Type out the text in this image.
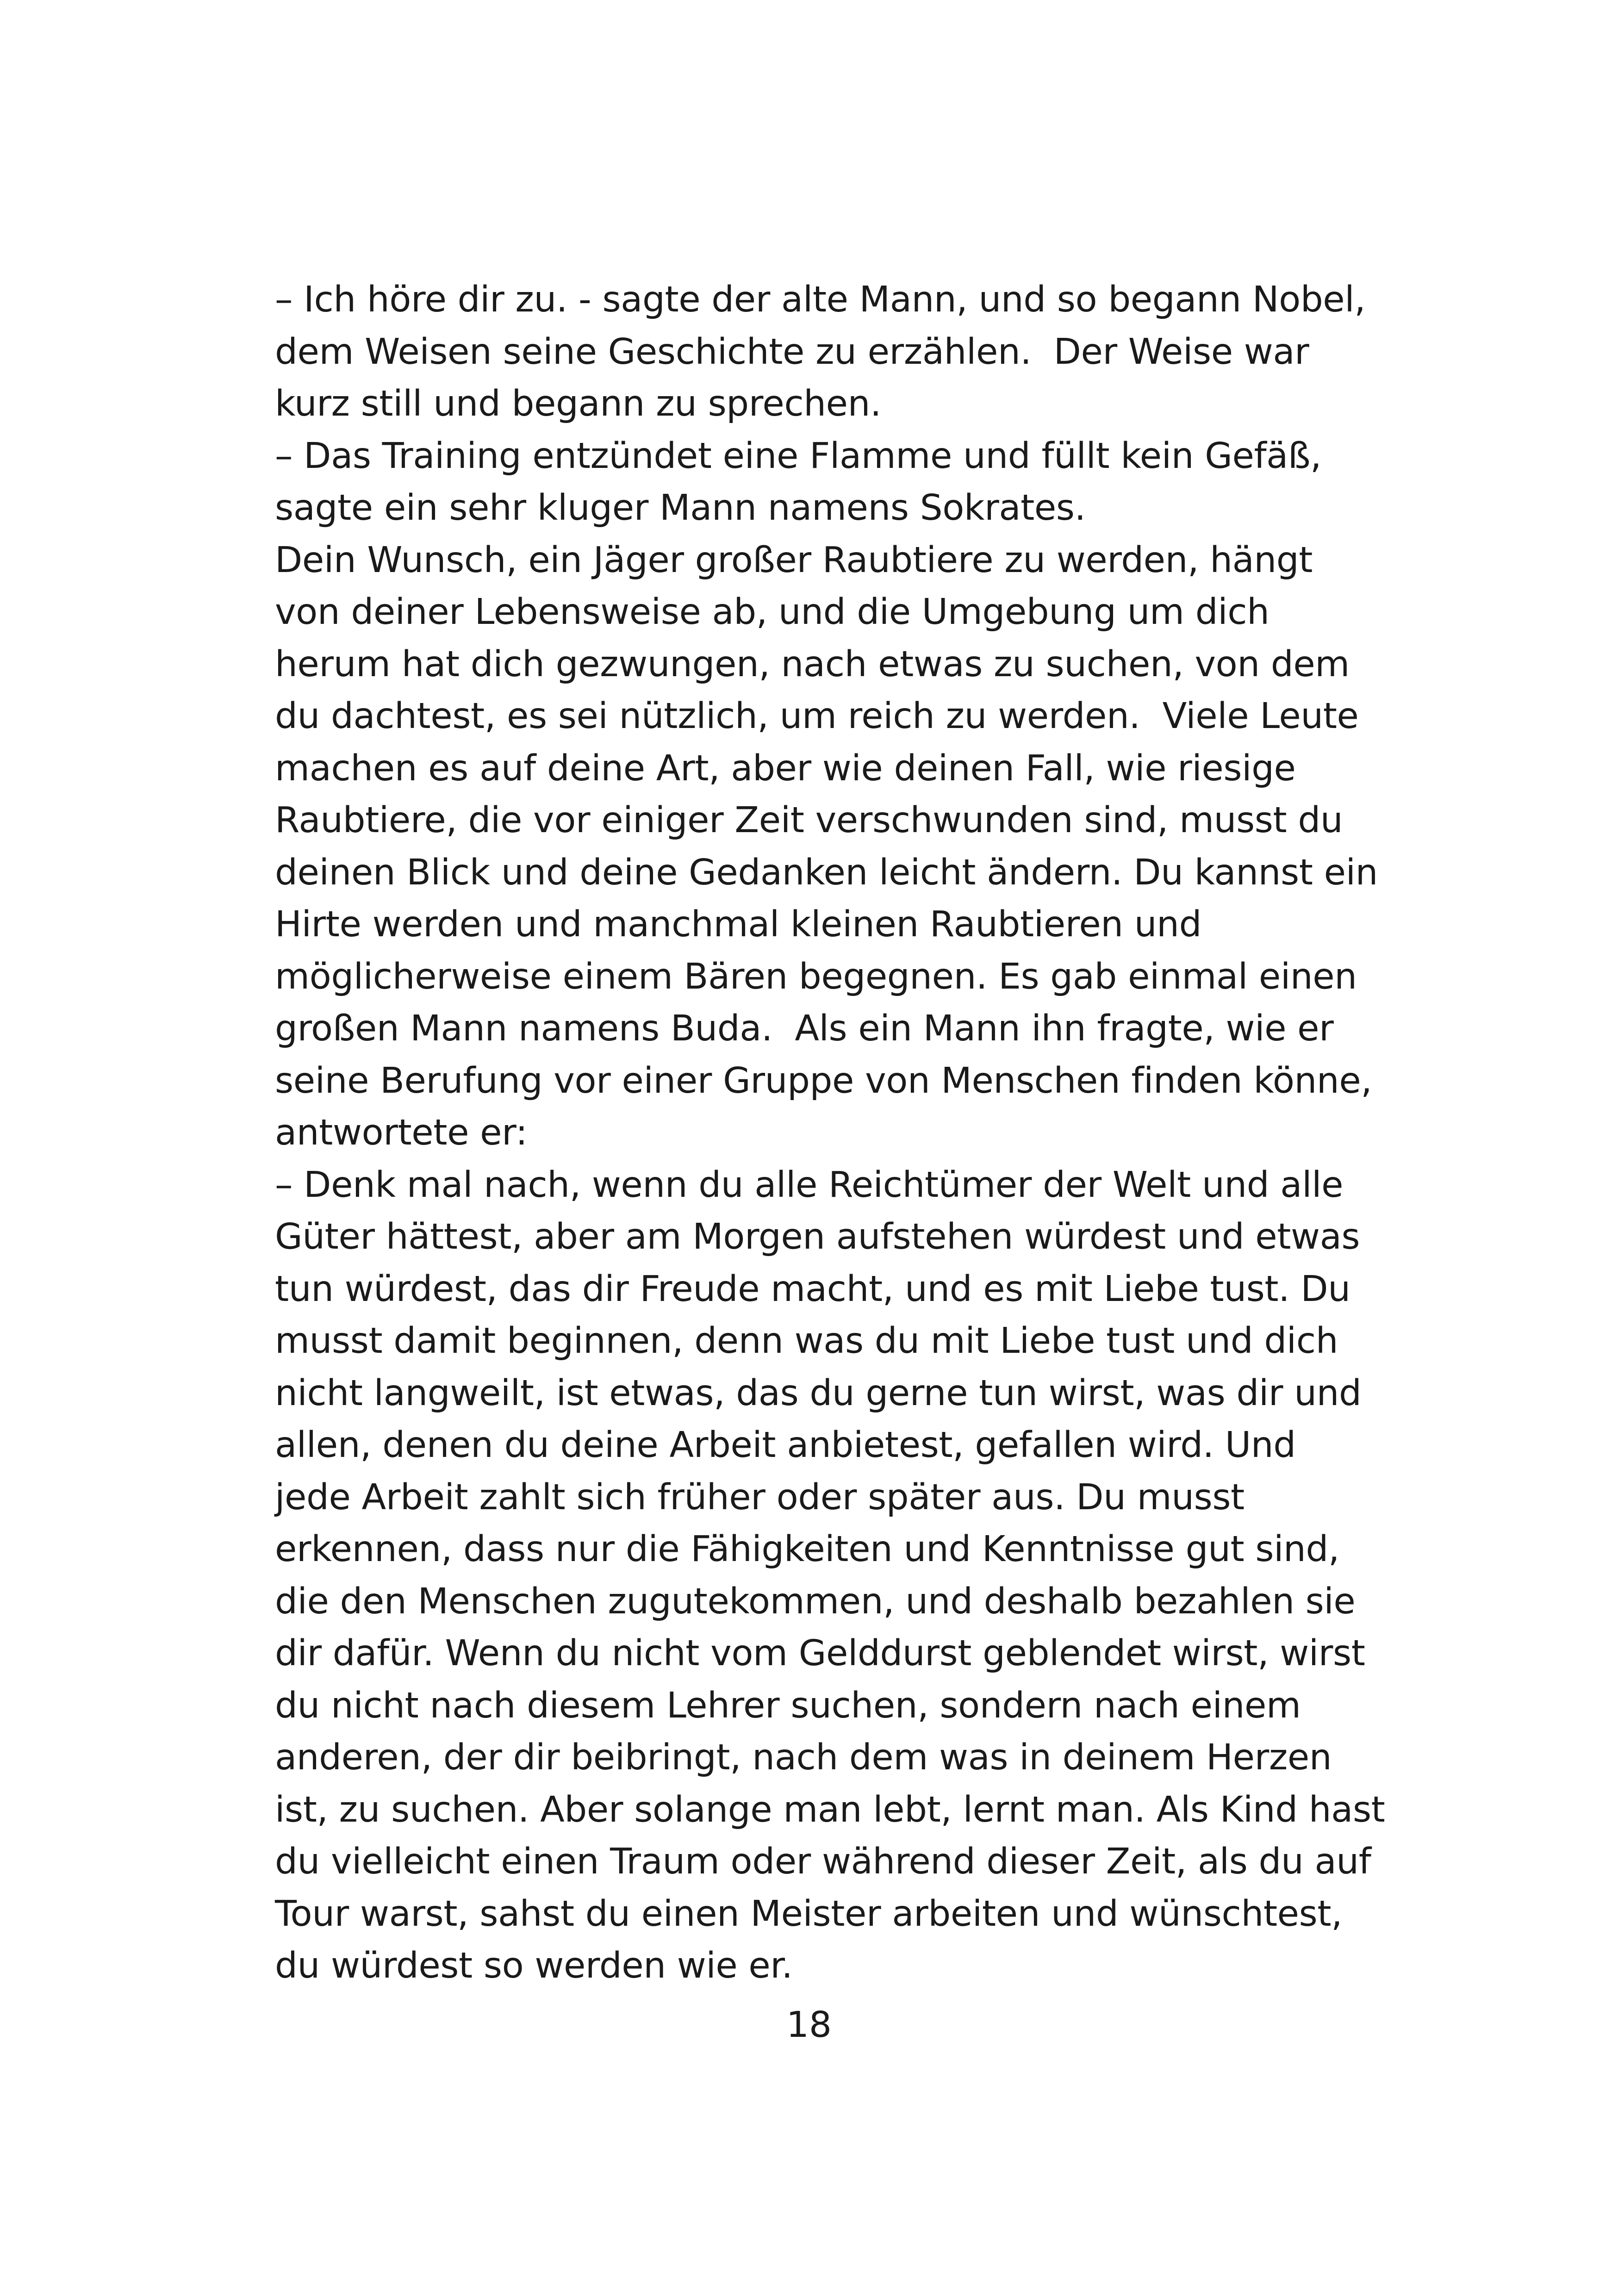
– Ich höre dir zu. - sagte der alte Mann, und so begann Nobel,
dem Weisen seine Geschichte zu erzählen.  Der Weise war
kurz still und begann zu sprechen.
– Das Training entzündet eine Flamme und füllt kein Gefäß,
sagte ein sehr kluger Mann namens Sokrates.
Dein Wunsch, ein Jäger großer Raubtiere zu werden, hängt
von deiner Lebensweise ab, und die Umgebung um dich
herum hat dich gezwungen, nach etwas zu suchen, von dem
du dachtest, es sei nützlich, um reich zu werden.  Viele Leute
machen es auf deine Art, aber wie deinen Fall, wie riesige
Raubtiere, die vor einiger Zeit verschwunden sind, musst du
deinen Blick und deine Gedanken leicht ändern. Du kannst ein
Hirte werden und manchmal kleinen Raubtieren und
möglicherweise einem Bären begegnen. Es gab einmal einen
großen Mann namens Buda.  Als ein Mann ihn fragte, wie er
seine Berufung vor einer Gruppe von Menschen finden könne,
antwortete er:
– Denk mal nach, wenn du alle Reichtümer der Welt und alle
Güter hättest, aber am Morgen aufstehen würdest und etwas
tun würdest, das dir Freude macht, und es mit Liebe tust. Du
musst damit beginnen, denn was du mit Liebe tust und dich
nicht langweilt, ist etwas, das du gerne tun wirst, was dir und
allen, denen du deine Arbeit anbietest, gefallen wird. Und
jede Arbeit zahlt sich früher oder später aus. Du musst
erkennen, dass nur die Fähigkeiten und Kenntnisse gut sind,
die den Menschen zugutekommen, und deshalb bezahlen sie
dir dafür. Wenn du nicht vom Gelddurst geblendet wirst, wirst
du nicht nach diesem Lehrer suchen, sondern nach einem
anderen, der dir beibringt, nach dem was in deinem Herzen
ist, zu suchen. Aber solange man lebt, lernt man. Als Kind hast
du vielleicht einen Traum oder während dieser Zeit, als du auf
Tour warst, sahst du einen Meister arbeiten und wünschtest,
du würdest so werden wie er.
18
